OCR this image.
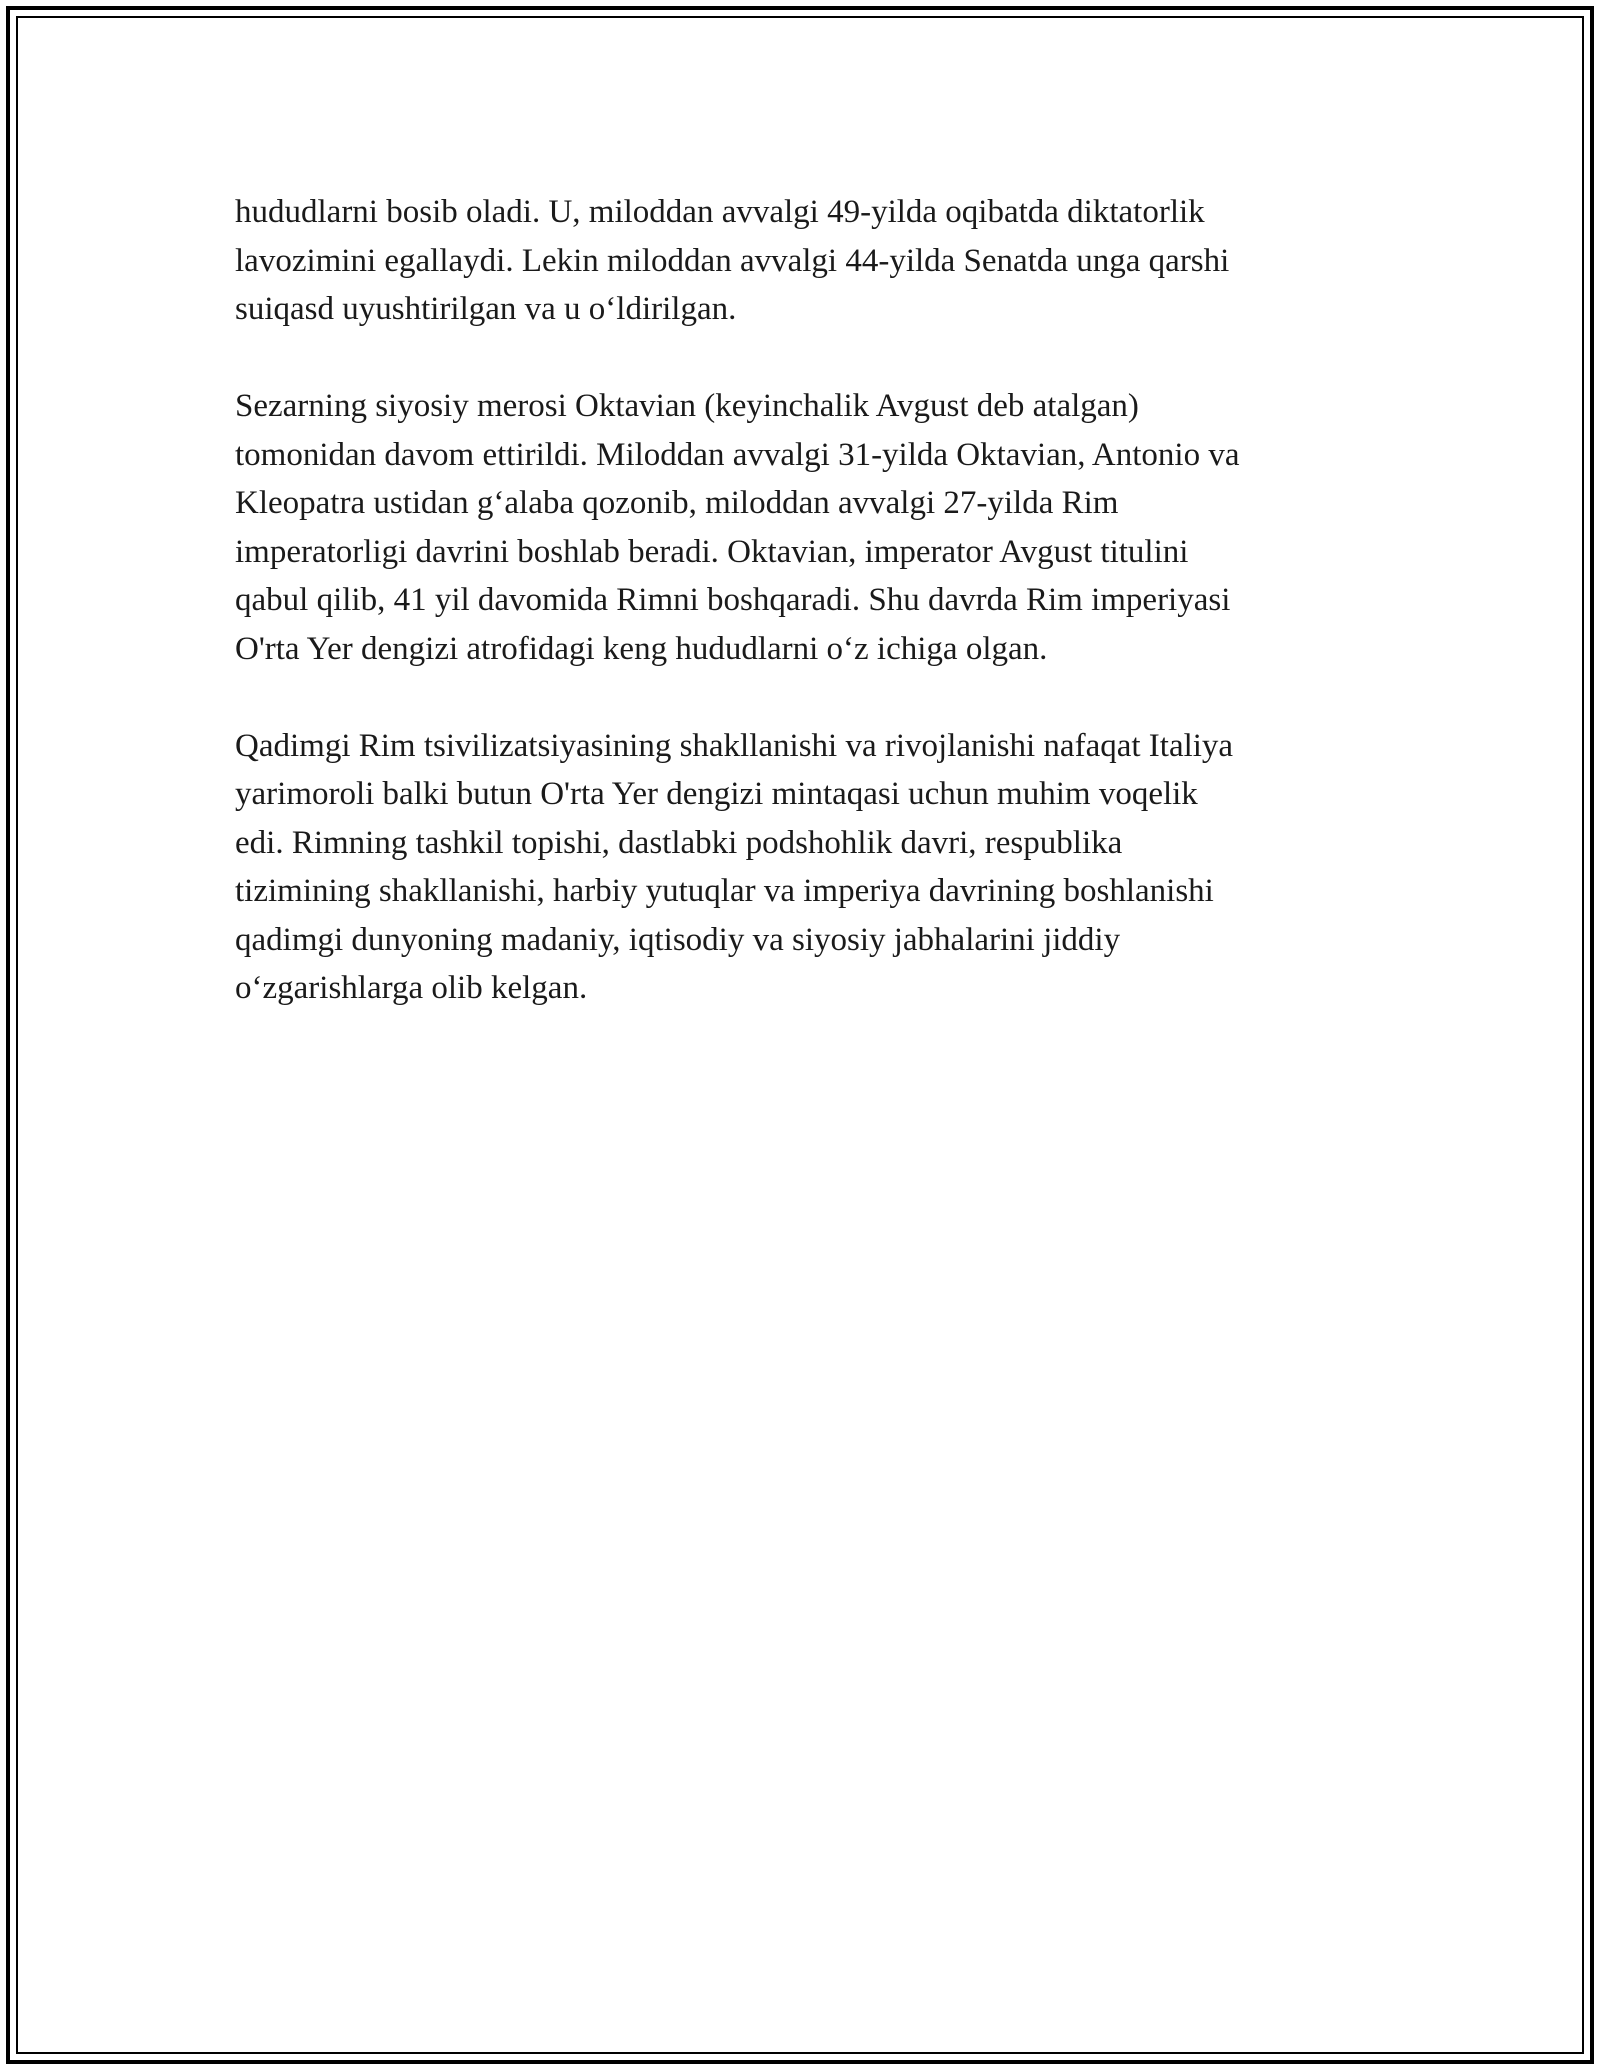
hududlarni bosib oladi. U, miloddan avvalgi 49-yilda oqibatda diktatorlik
lavozimini egallaydi. Lekin miloddan avvalgi 44-yilda Senatda unga qarshi
suiqasd uyushtirilgan va u o‘ldirilgan.

Sezarning siyosiy merosi Oktavian (keyinchalik Avgust deb atalgan)
tomonidan davom ettirildi. Miloddan avvalgi 31-yilda Oktavian, Antonio va
Kleopatra ustidan g‘alaba qozonib, miloddan avvalgi 27-yilda Rim
imperatorligi davrini boshlab beradi. Oktavian, imperator Avgust titulini
qabul qilib, 41 yil davomida Rimni boshqaradi. Shu davrda Rim imperiyasi
O'rta Yer dengizi atrofidagi keng hududlarni o‘z ichiga olgan.

Qadimgi Rim tsivilizatsiyasining shakllanishi va rivojlanishi nafaqat Italiya
yarimoroli balki butun O'rta Yer dengizi mintaqasi uchun muhim voqelik
edi. Rimning tashkil topishi, dastlabki podshohlik davri, respublika
tizimining shakllanishi, harbiy yutuqlar va imperiya davrining boshlanishi
qadimgi dunyoning madaniy, iqtisodiy va siyosiy jabhalarini jiddiy
o‘zgarishlarga olib kelgan.
